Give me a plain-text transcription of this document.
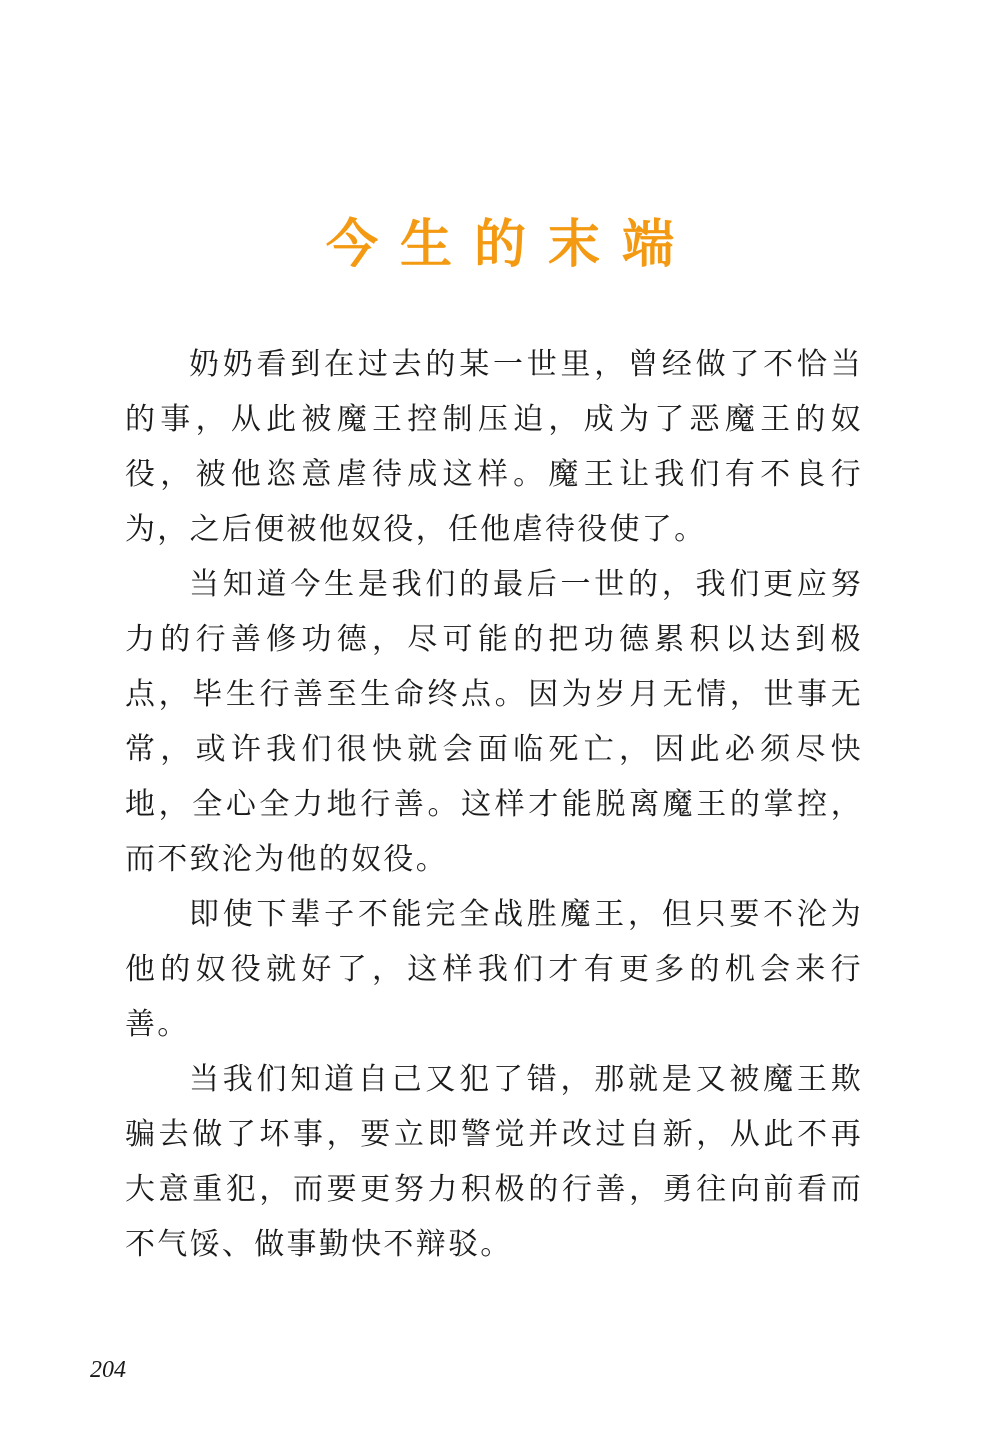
今生的末端

奶奶看到在过去的某一世里，曾经做了不恰当的事，从此被魔王控制压迫，成为了恶魔王的奴役，被他恣意虐待成这样。魔王让我们有不良行为，之后便被他奴役，任他虐待役使了。

当知道今生是我们的最后一世的，我们更应努力的行善修功德，尽可能的把功德累积以达到极点，毕生行善至生命终点。因为岁月无情，世事无常，或许我们很快就会面临死亡，因此必须尽快地，全心全力地行善。这样才能脱离魔王的掌控，而不致沦为他的奴役。

即使下辈子不能完全战胜魔王，但只要不沦为他的奴役就好了，这样我们才有更多的机会来行善。

当我们知道自己又犯了错，那就是又被魔王欺骗去做了坏事，要立即警觉并改过自新，从此不再大意重犯，而要更努力积极的行善，勇往向前看而不气馁、做事勤快不辩驳。

204
